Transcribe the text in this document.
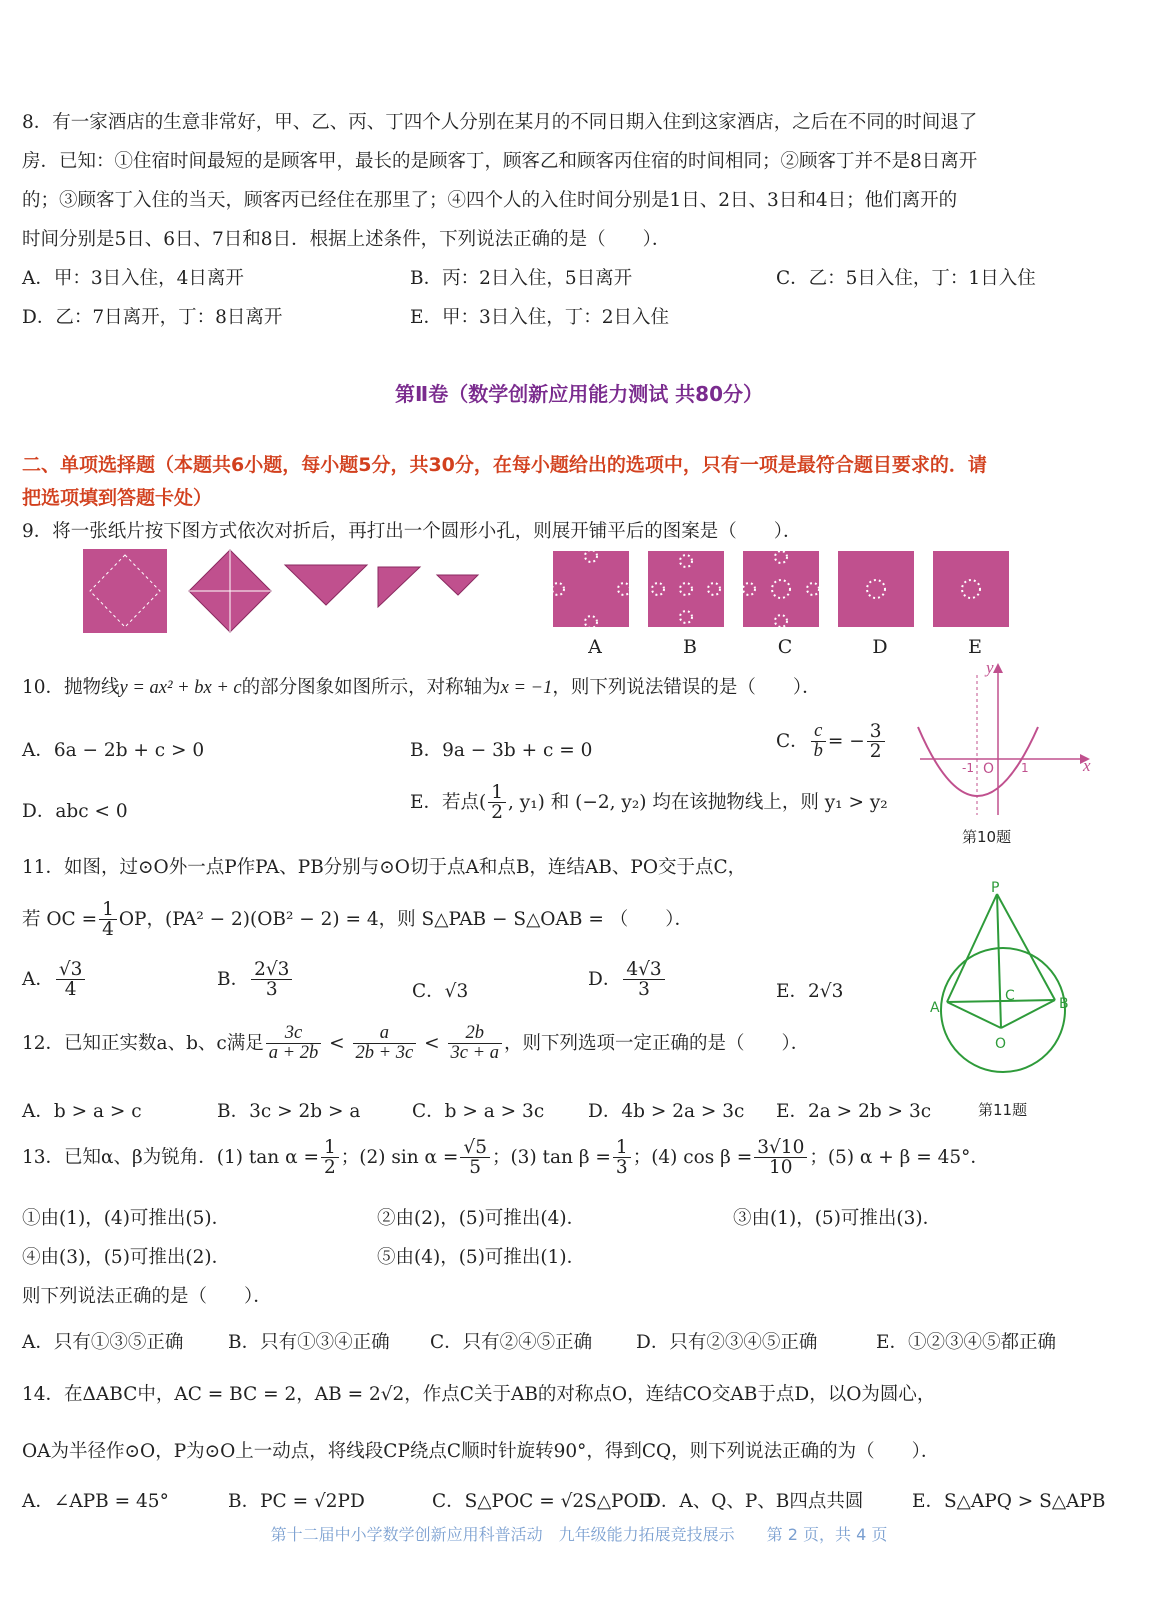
8．有一家酒店的生意非常好，甲、乙、丙、丁四个人分别在某月的不同日期入住到这家酒店，之后在不同的时间退了
房．已知：①住宿时间最短的是顾客甲，最长的是顾客丁，顾客乙和顾客丙住宿的时间相同；②顾客丁并不是8日离开
的；③顾客丁入住的当天，顾客丙已经住在那里了；④四个人的入住时间分别是1日、2日、3日和4日；他们离开的
时间分别是5日、6日、7日和8日．根据上述条件，下列说法正确的是（　　）．
A．甲：3日入住，4日离开	B．丙：2日入住，5日离开	C．乙：5日入住，丁：1日入住
D．乙：7日离开，丁：8日离开	E．甲：3日入住，丁：2日入住
第Ⅱ卷（数学创新应用能力测试 共80分）
二、单项选择题（本题共6小题，每小题5分，共30分，在每小题给出的选项中，只有一项是最符合题目要求的．请
把选项填到答题卡处）
9．将一张纸片按下图方式依次对折后，再打出一个圆形小孔，则展开铺平后的图案是（　　）．
A	B	C	D	E
10．抛物线y = ax² + bx + c的部分图象如图所示，对称轴为x = −1，则下列说法错误的是（　　）．
A．6a − 2b + c > 0	B．9a − 3b + c = 0	C． $\frac{c}{b}$ = − $\frac{3}{2}$
D．abc < 0	E．若点( $\frac{1}{2}$ , y₁) 和 (−2, y₂) 均在该抛物线上，则 y₁ > y₂
y
x
-1 O 1
第10题
11．如图，过⊙O外一点P作PA、PB分别与⊙O切于点A和点B，连结AB、PO交于点C，
若 OC = $\frac{1}{4}$ OP，(PA² − 2)(OB² − 2) = 4，则 S△PAB − S△OAB = （　　）．
A． $\frac{√3}{4}$	B． $\frac{2√3}{3}$	C．√3
D． $\frac{4√3}{3}$	E．2√3
P
A	B
C
O
第11题
12．已知正实数a、b、c满足 $\frac{3c}{a + 2b} < \frac{a}{2b + 3c} < \frac{2b}{3c + a}$ ，则下列选项一定正确的是（　　）．
A．b > a > c	B．3c > 2b > a	C．b > a > 3c D．4b > 2a > 3c E．2a > 2b > 3c
13．已知α、β为锐角．(1) $\tan \alpha = \frac{1}{2}$ ；(2) $\sin \alpha = \frac{√5}{5}$ ；(3) $\tan \beta = \frac{1}{3}$ ；(4) $\cos \beta = \frac{3√10}{10}$ ；(5) α + β = 45°．
①由(1)，(4)可推出(5)．	②由(2)，(5)可推出(4)．	③由(1)，(5)可推出(3)．
④由(3)，(5)可推出(2)．	⑤由(4)，(5)可推出(1)．
则下列说法正确的是（　　）．
A．只有①③⑤正确 B．只有①③④正确 C．只有②④⑤正确 D．只有②③④⑤正确	E．①②③④⑤都正确
14．在ΔABC中，AC = BC = 2，AB = 2√2，作点C关于AB的对称点O，连结CO交AB于点D，以O为圆心，
OA为半径作⊙O，P为⊙O上一动点，将线段CP绕点C顺时针旋转90°，得到CQ，则下列说法正确的为（　　）．
A．∠APB = 45°	B．PC = √2PD	C．S△POC = √2S△POD
D．A、Q、P、B四点共圆	E．S△APQ > S△APB
第十二届中小学数学创新应用科普活动　九年级能力拓展竞技展示　　第 2 页，共 4 页
